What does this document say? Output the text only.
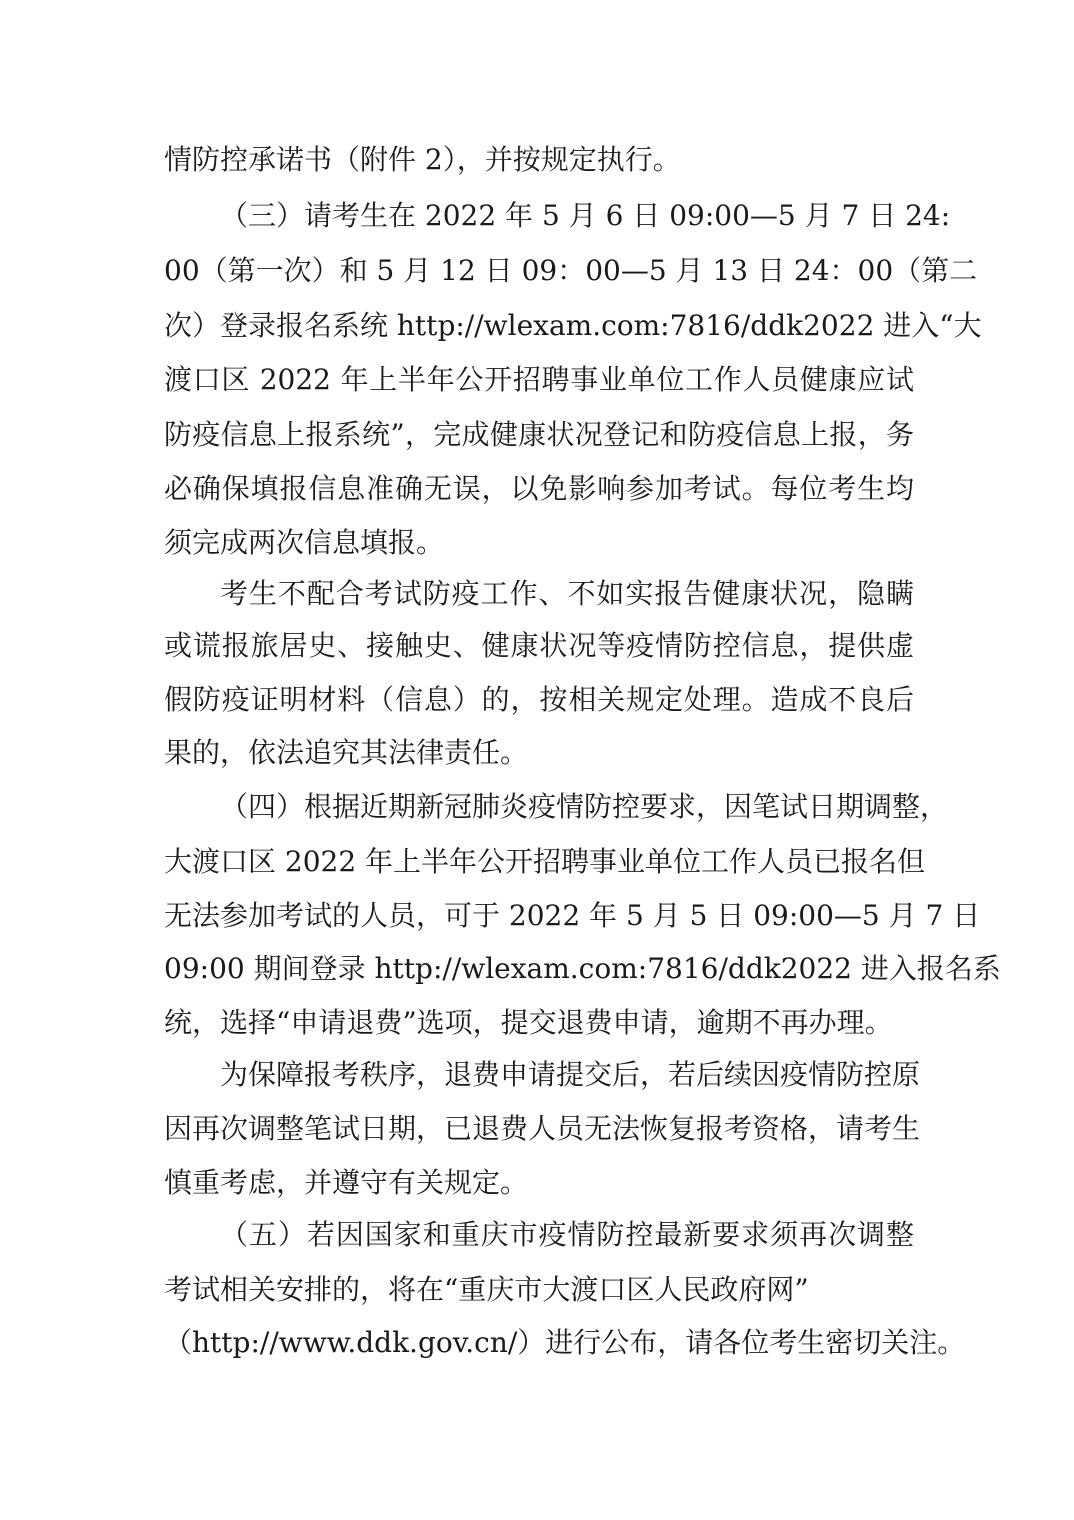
情防控承诺书（附件 2），并按规定执行。
（三）请考生在 2022 年 5 月 6 日 09:00—5 月 7 日 24:
00（第一次）和 5 月 12 日 09：00—5 月 13 日 24：00（第二
次）登录报名系统 http://wlexam.com:7816/ddk2022 进入“大
渡口区 2022 年上半年公开招聘事业单位工作人员健康应试
防疫信息上报系统”，完成健康状况登记和防疫信息上报，务
必确保填报信息准确无误，以免影响参加考试。每位考生均
须完成两次信息填报。
考生不配合考试防疫工作、不如实报告健康状况，隐瞒
或谎报旅居史、接触史、健康状况等疫情防控信息，提供虚
假防疫证明材料（信息）的，按相关规定处理。造成不良后
果的，依法追究其法律责任。
（四）根据近期新冠肺炎疫情防控要求，因笔试日期调整，
大渡口区 2022 年上半年公开招聘事业单位工作人员已报名但
无法参加考试的人员，可于 2022 年 5 月 5 日 09:00—5 月 7 日
09:00 期间登录 http://wlexam.com:7816/ddk2022 进入报名系
统，选择“申请退费”选项，提交退费申请，逾期不再办理。
为保障报考秩序，退费申请提交后，若后续因疫情防控原
因再次调整笔试日期，已退费人员无法恢复报考资格，请考生
慎重考虑，并遵守有关规定。
（五）若因国家和重庆市疫情防控最新要求须再次调整
考试相关安排的，将在“重庆市大渡口区人民政府网”
（http://www.ddk.gov.cn/）进行公布，请各位考生密切关注。
